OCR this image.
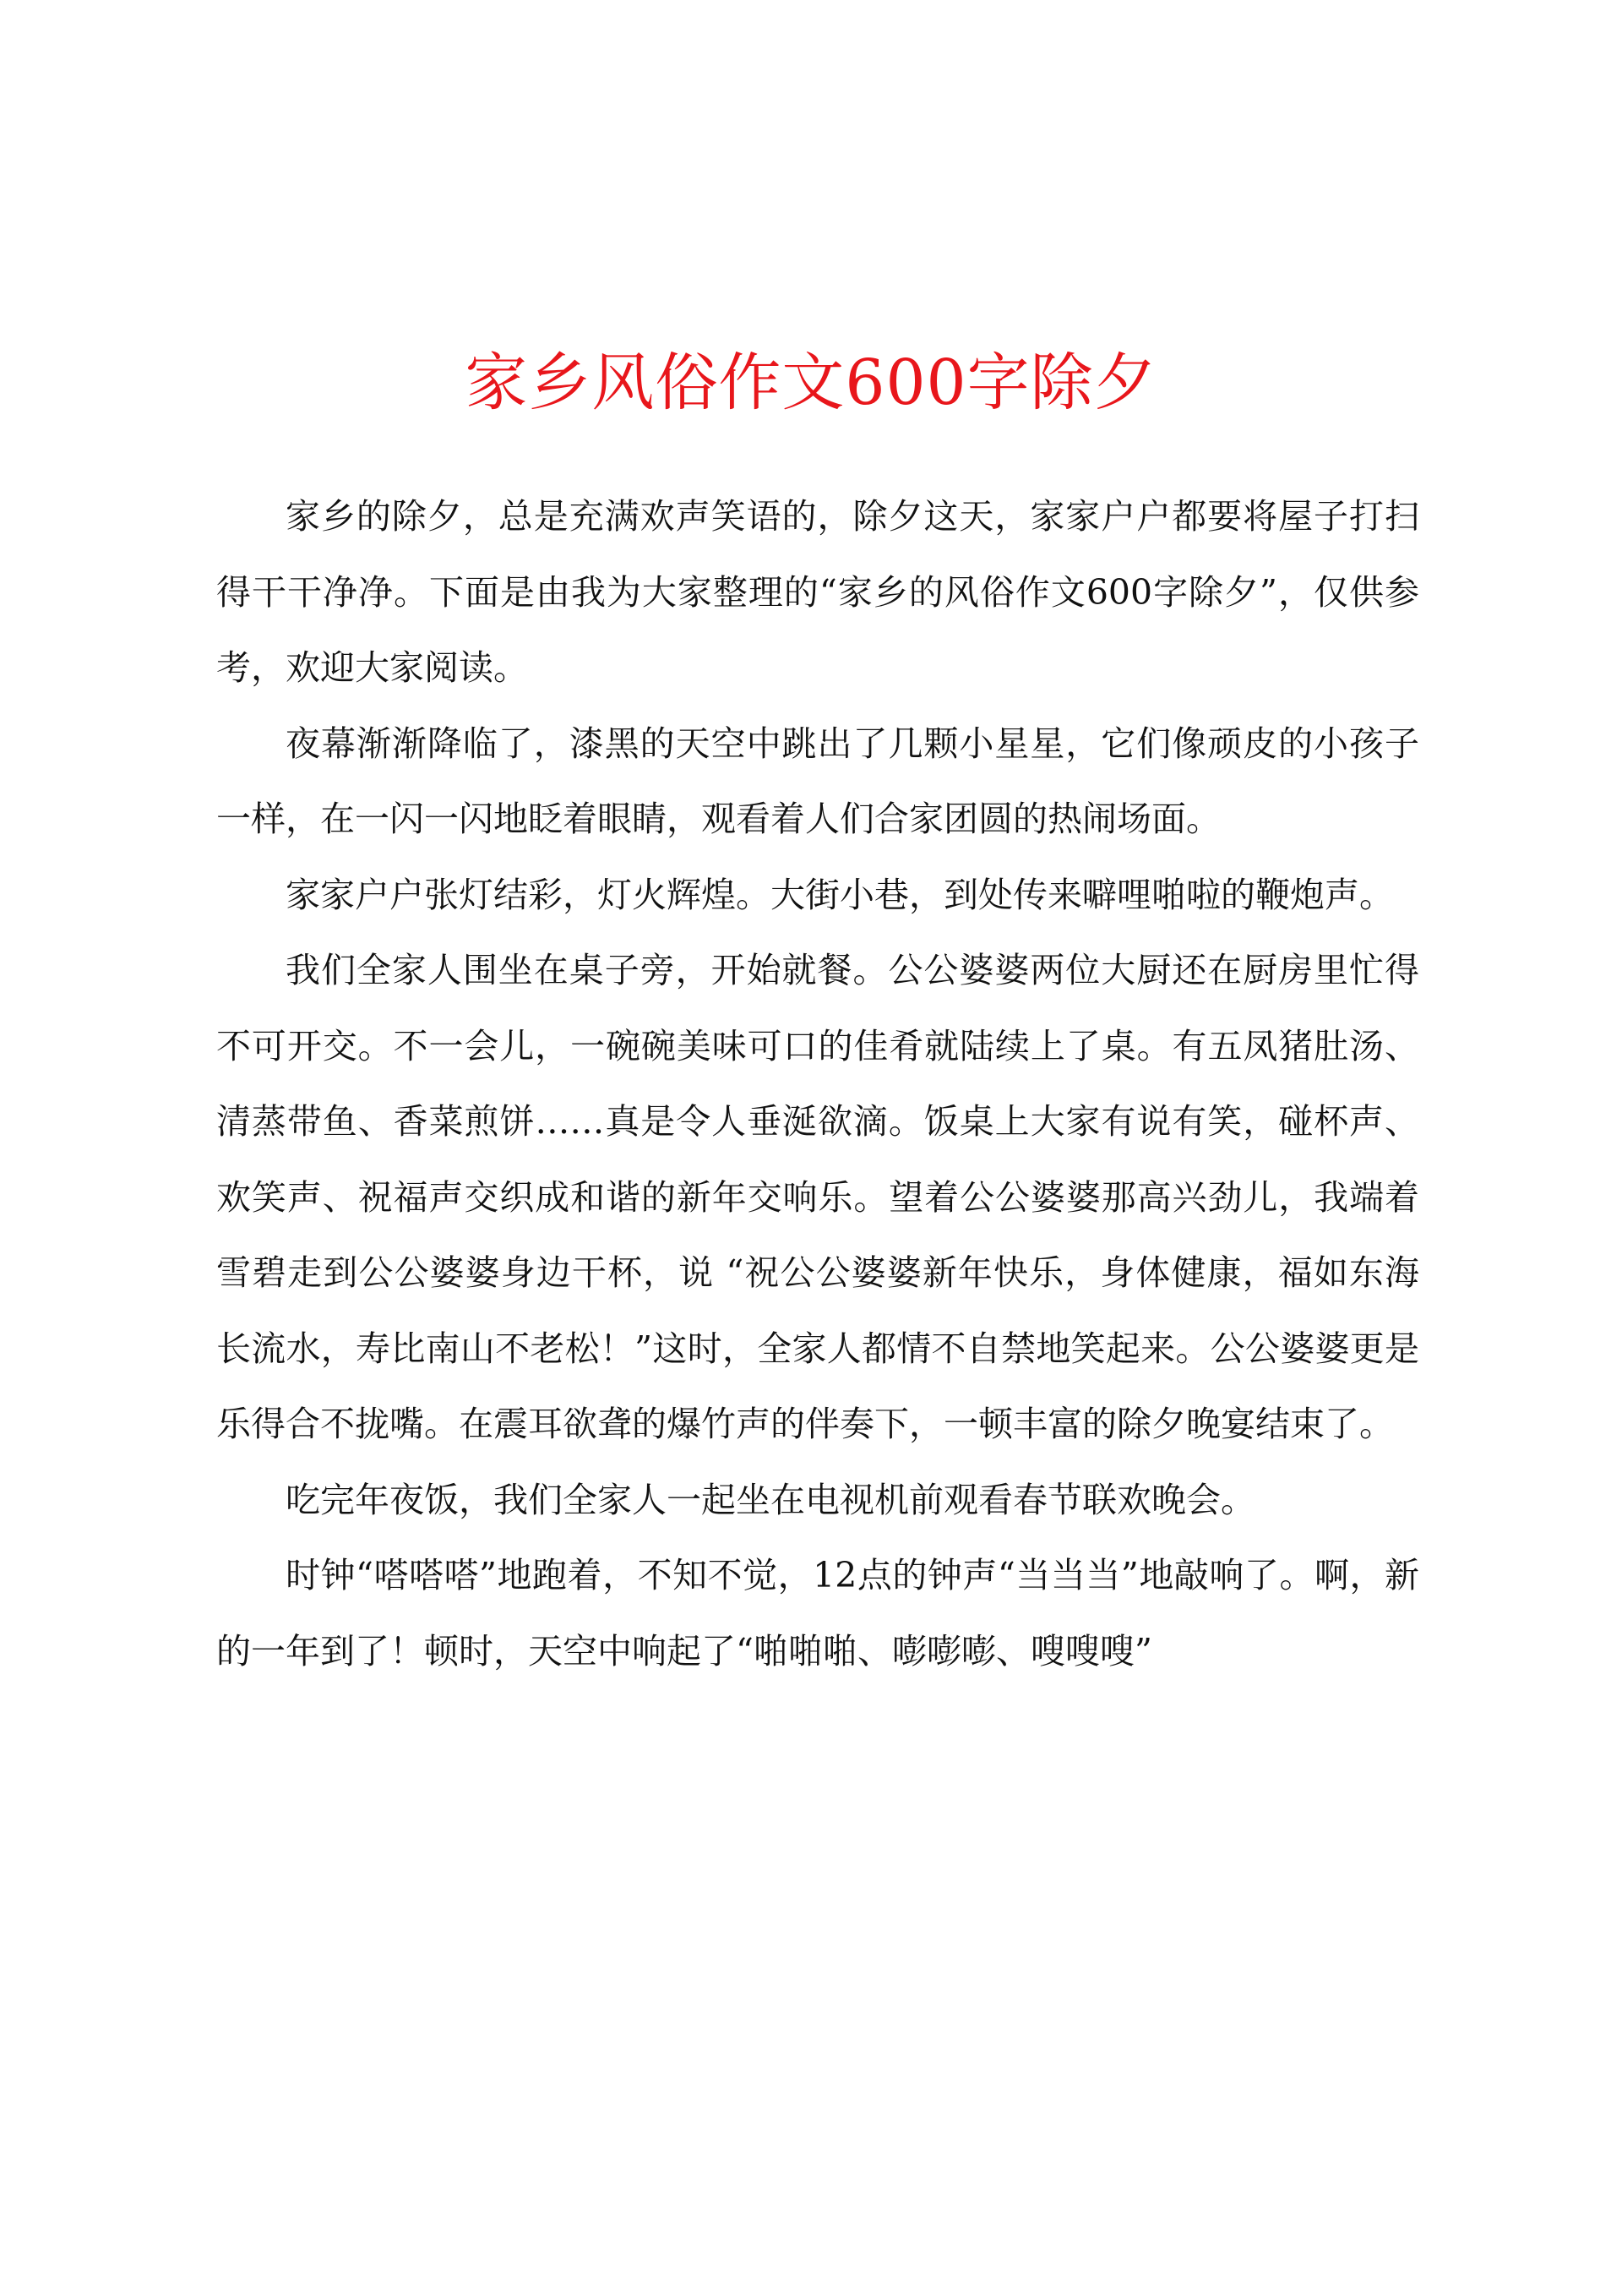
家乡风俗作文600字除夕

家乡的除夕，总是充满欢声笑语的，除夕这天，家家户户都要将屋子打扫得干干净净。下面是由我为大家整理的“家乡的风俗作文600字除夕”，仅供参考，欢迎大家阅读。

夜幕渐渐降临了，漆黑的天空中跳出了几颗小星星，它们像顽皮的小孩子一样，在一闪一闪地眨着眼睛，观看着人们合家团圆的热闹场面。

家家户户张灯结彩，灯火辉煌。大街小巷，到处传来噼哩啪啦的鞭炮声。

我们全家人围坐在桌子旁，开始就餐。公公婆婆两位大厨还在厨房里忙得不可开交。不一会儿，一碗碗美味可口的佳肴就陆续上了桌。有五凤猪肚汤、清蒸带鱼、香菜煎饼……真是令人垂涎欲滴。饭桌上大家有说有笑，碰杯声、欢笑声、祝福声交织成和谐的新年交响乐。望着公公婆婆那高兴劲儿，我端着雪碧走到公公婆婆身边干杯，说 “祝公公婆婆新年快乐，身体健康，福如东海长流水，寿比南山不老松！”这时，全家人都情不自禁地笑起来。公公婆婆更是乐得合不拢嘴。在震耳欲聋的爆竹声的伴奏下，一顿丰富的除夕晚宴结束了。

吃完年夜饭，我们全家人一起坐在电视机前观看春节联欢晚会。

时钟“嗒嗒嗒”地跑着，不知不觉，12点的钟声“当当当”地敲响了。啊，新的一年到了！顿时，天空中响起了“啪啪啪、嘭嘭嘭、嗖嗖嗖”
